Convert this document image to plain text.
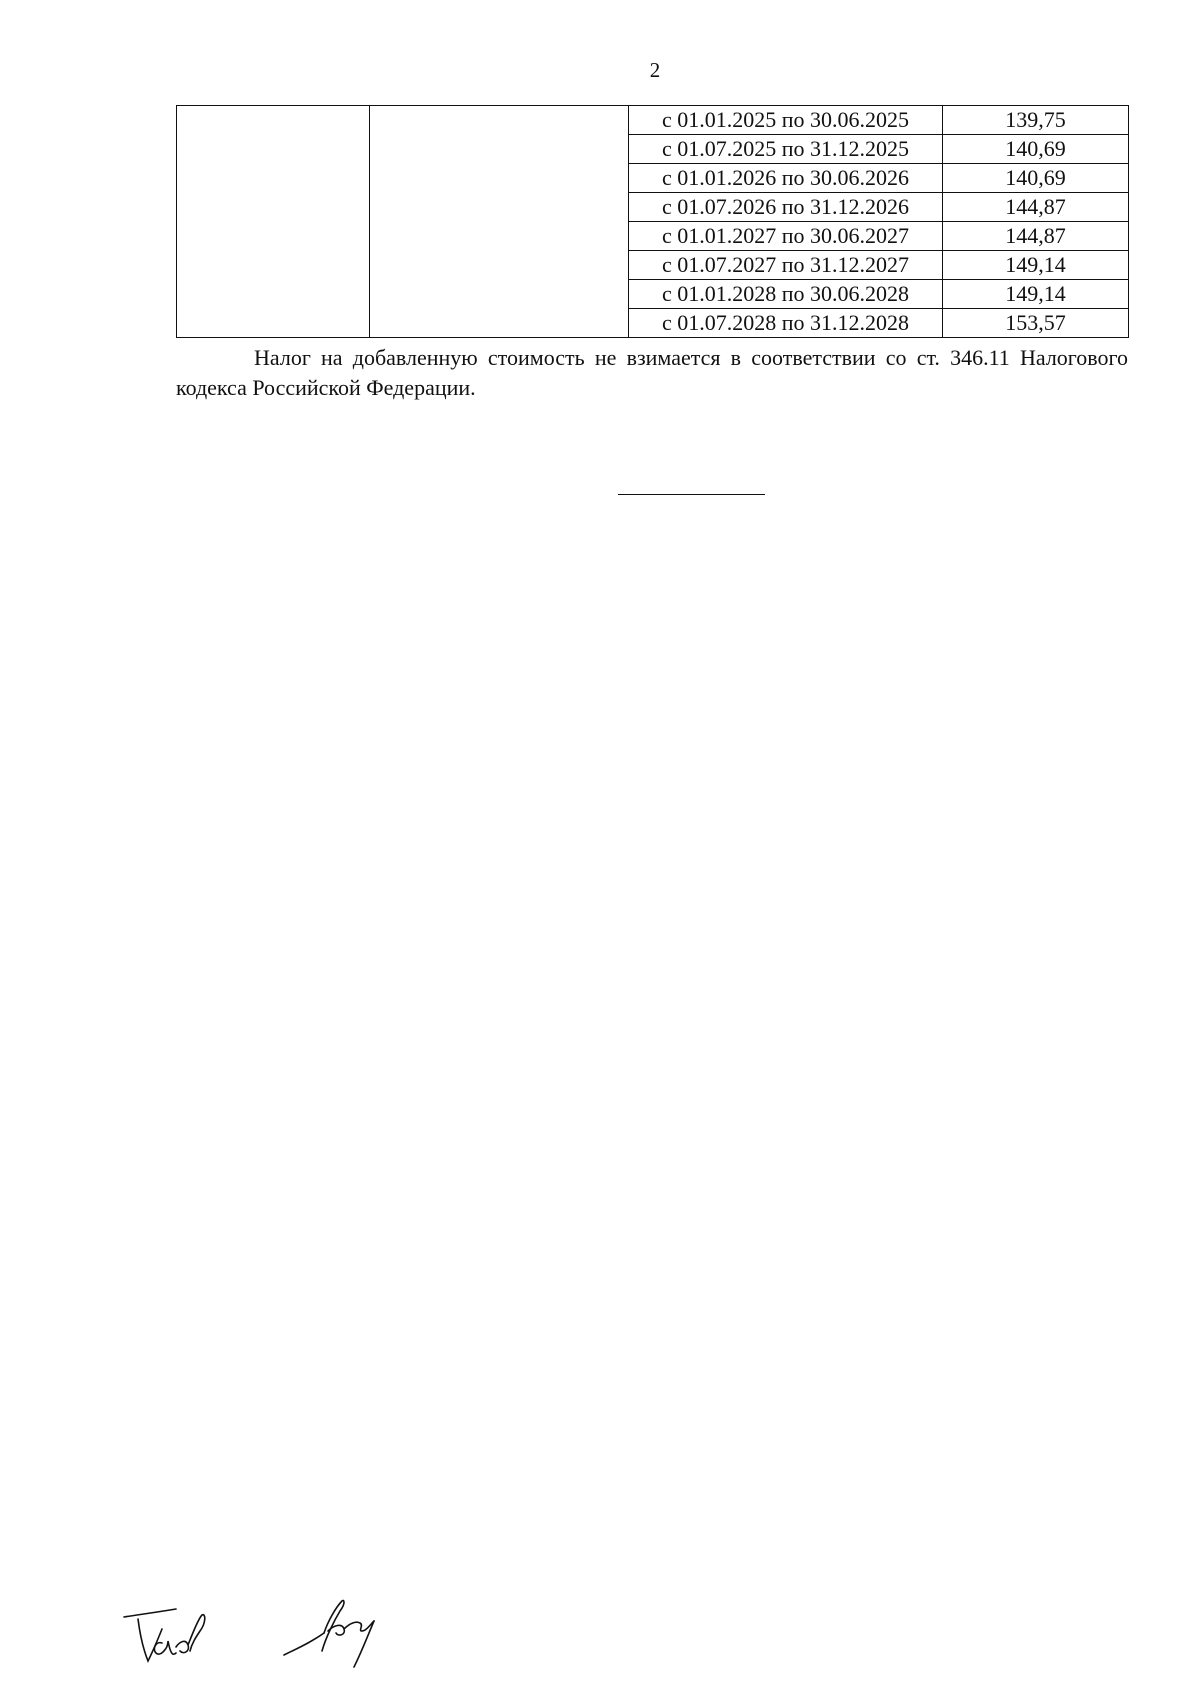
2
		с 01.01.2025 по 30.06.2025	139,75
		с 01.07.2025 по 31.12.2025	140,69
		с 01.01.2026 по 30.06.2026	140,69
		с 01.07.2026 по 31.12.2026	144,87
		с 01.01.2027 по 30.06.2027	144,87
		с 01.07.2027 по 31.12.2027	149,14
		с 01.01.2028 по 30.06.2028	149,14
		с 01.07.2028 по 31.12.2028	153,57

Налог на добавленную стоимость не взимается в соответствии со ст. 346.11 Налогового кодекса Российской Федерации.
